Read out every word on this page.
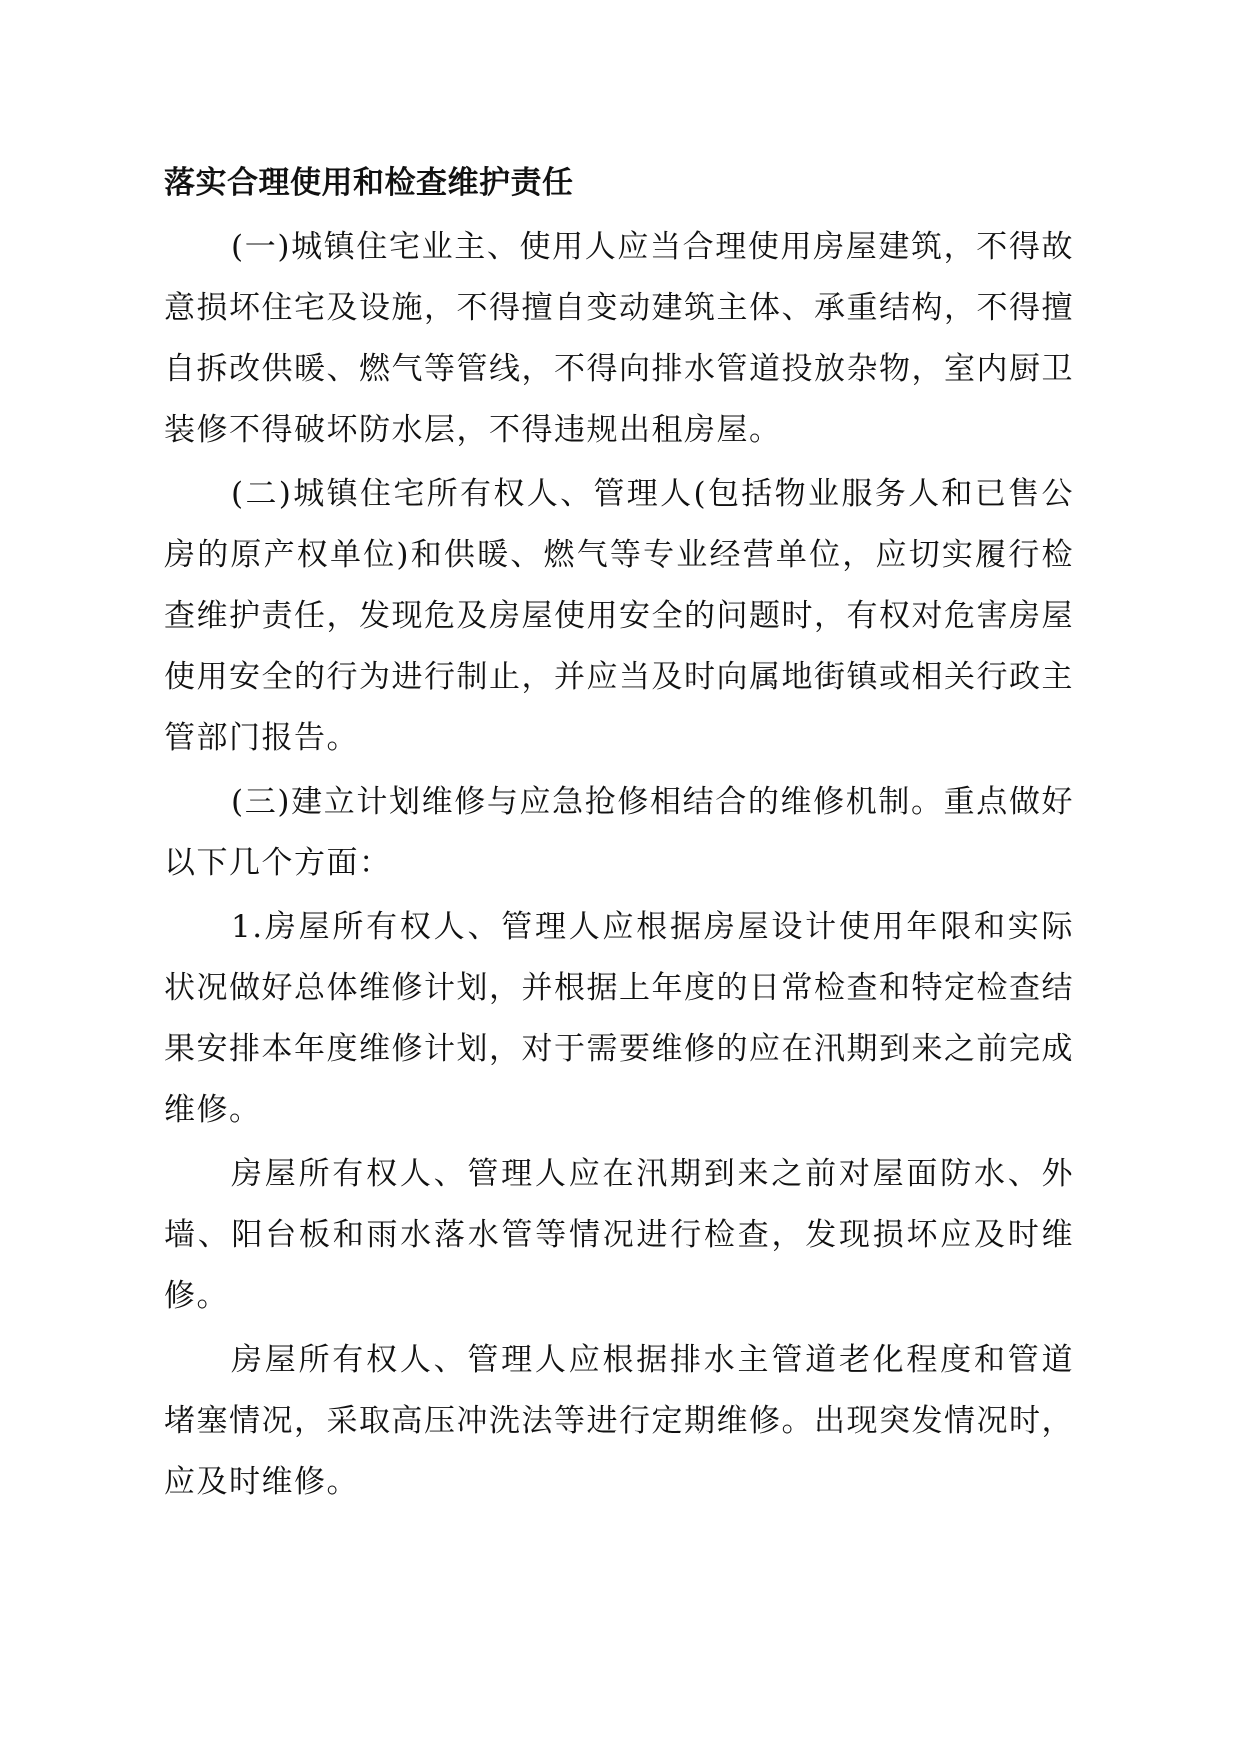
落实合理使用和检查维护责任

(一)城镇住宅业主、使用人应当合理使用房屋建筑，不得故意损坏住宅及设施，不得擅自变动建筑主体、承重结构，不得擅自拆改供暖、燃气等管线，不得向排水管道投放杂物，室内厨卫装修不得破坏防水层，不得违规出租房屋。

(二)城镇住宅所有权人、管理人(包括物业服务人和已售公房的原产权单位)和供暖、燃气等专业经营单位，应切实履行检查维护责任，发现危及房屋使用安全的问题时，有权对危害房屋使用安全的行为进行制止，并应当及时向属地街镇或相关行政主管部门报告。

(三)建立计划维修与应急抢修相结合的维修机制。重点做好以下几个方面：

1.房屋所有权人、管理人应根据房屋设计使用年限和实际状况做好总体维修计划，并根据上年度的日常检查和特定检查结果安排本年度维修计划，对于需要维修的应在汛期到来之前完成维修。

房屋所有权人、管理人应在汛期到来之前对屋面防水、外墙、阳台板和雨水落水管等情况进行检查，发现损坏应及时维修。

房屋所有权人、管理人应根据排水主管道老化程度和管道堵塞情况，采取高压冲洗法等进行定期维修。出现突发情况时，应及时维修。
